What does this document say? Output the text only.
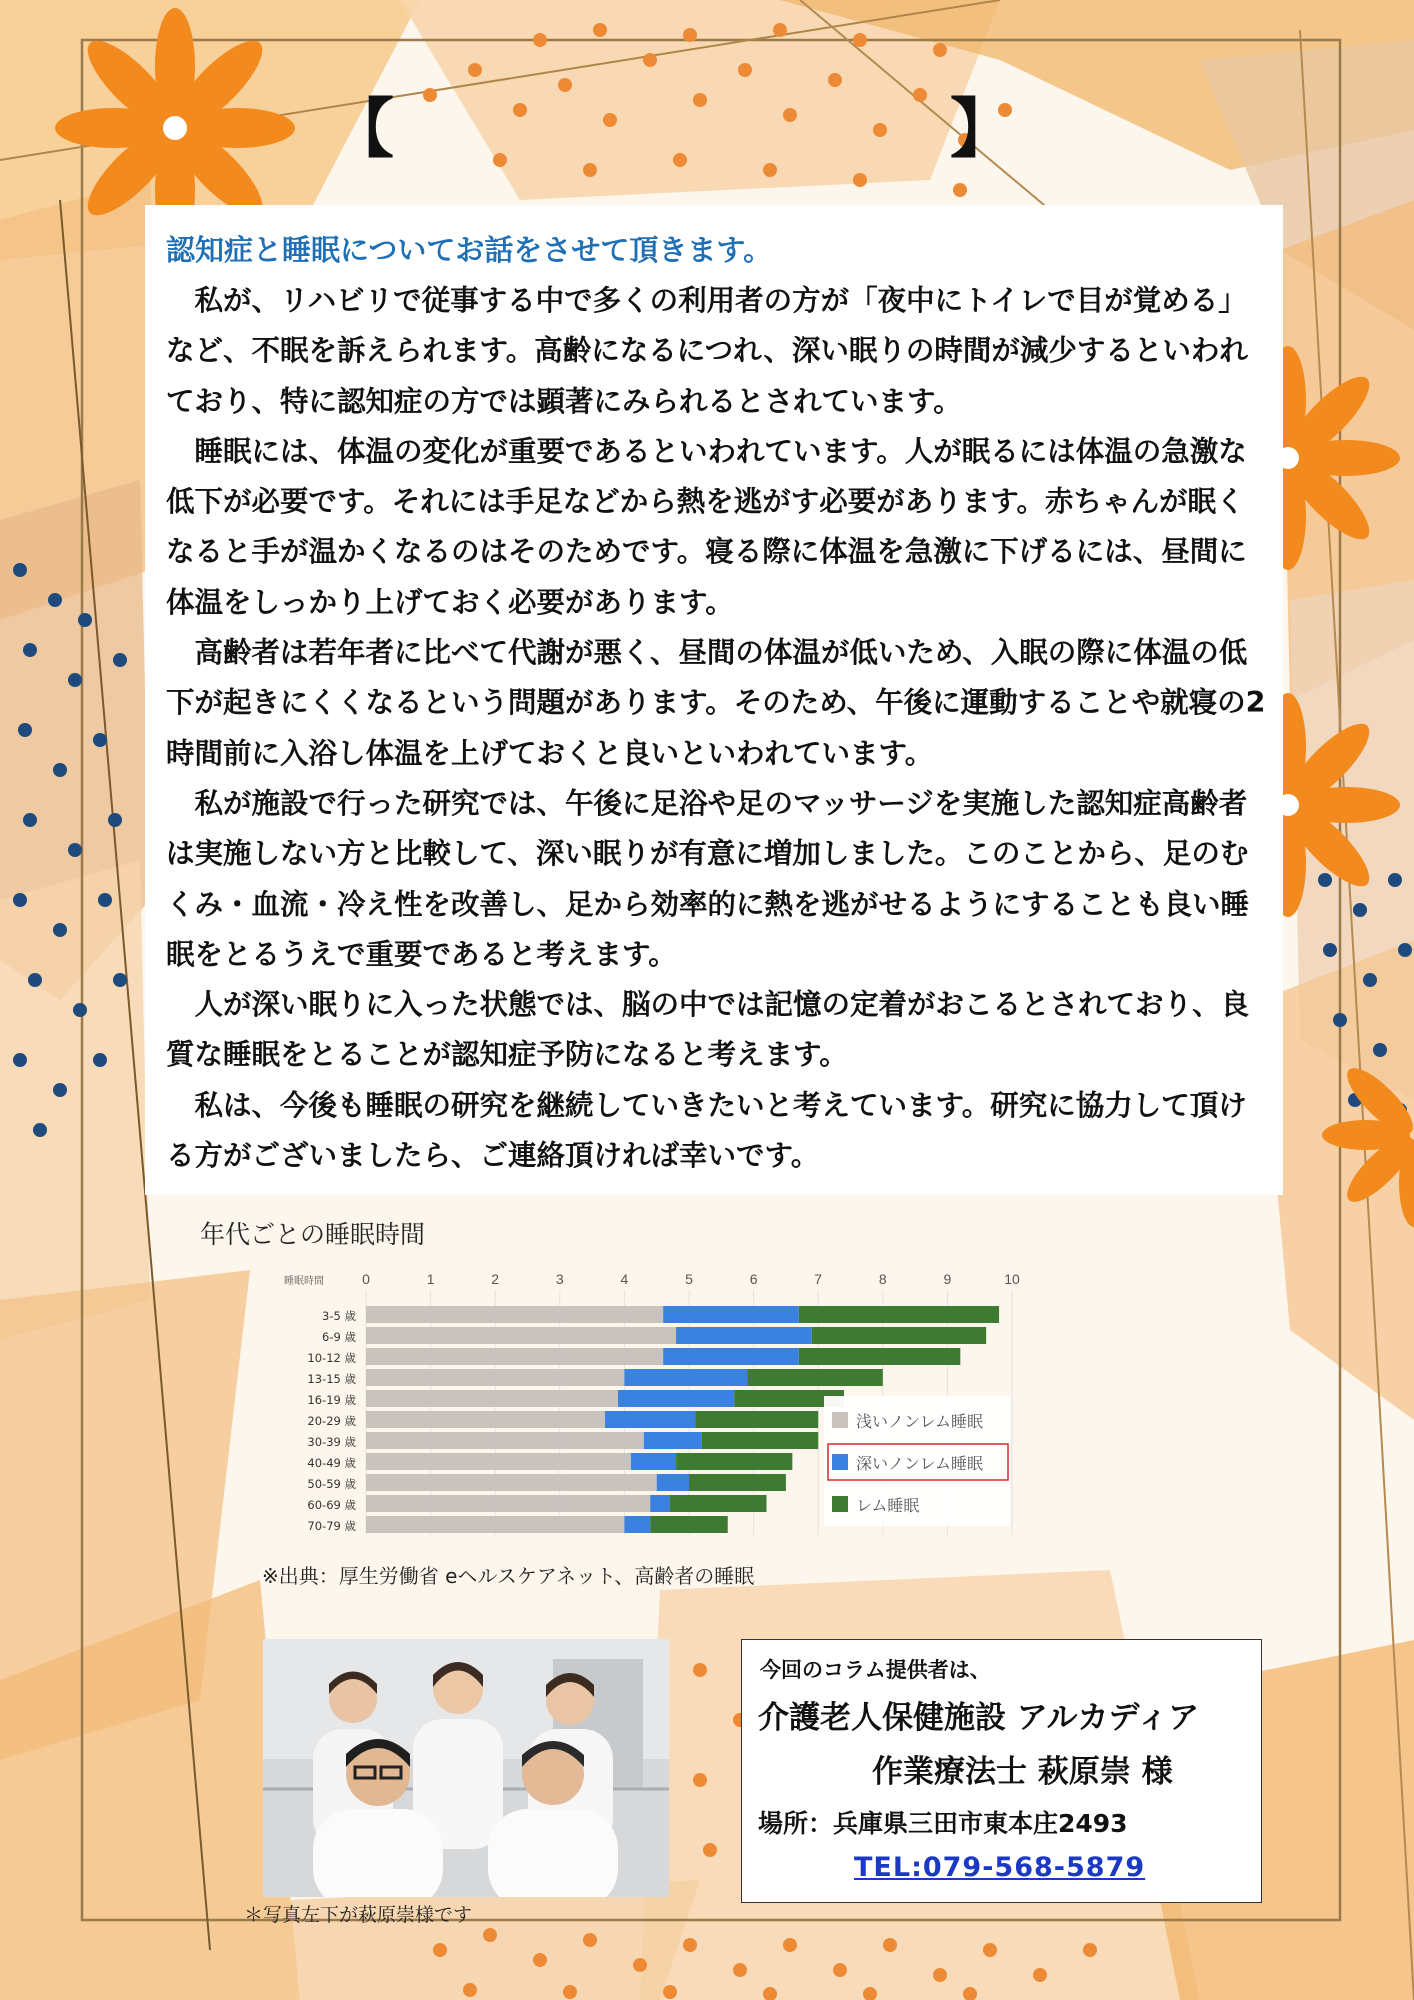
【	】
認知症と睡眠についてお話をさせて頂きます。

私が、リハビリで従事する中で多くの利用者の方が「夜中にトイレで目が覚める」など、不眠を訴えられます。高齢になるにつれ、深い眠りの時間が減少するといわれており、特に認知症の方では顕著にみられるとされています。

睡眠には、体温の変化が重要であるといわれています。人が眠るには体温の急激な低下が必要です。それには手足などから熱を逃がす必要があります。赤ちゃんが眠くなると手が温かくなるのはそのためです。寝る際に体温を急激に下げるには、昼間に体温をしっかり上げておく必要があります。

高齢者は若年者に比べて代謝が悪く、昼間の体温が低いため、入眠の際に体温の低下が起きにくくなるという問題があります。そのため、午後に運動することや就寝の2時間前に入浴し体温を上げておくと良いといわれています。

私が施設で行った研究では、午後に足浴や足のマッサージを実施した認知症高齢者は実施しない方と比較して、深い眠りが有意に増加しました。このことから、足のむくみ・血流・冷え性を改善し、足から効率的に熱を逃がせるようにすることも良い睡眠をとるうえで重要であると考えます。

人が深い眠りに入った状態では、脳の中では記憶の定着がおこるとされており、良質な睡眠をとることが認知症予防になると考えます。

私は、今後も睡眠の研究を継続していきたいと考えています。研究に協力して頂ける方がございましたら、ご連絡頂ければ幸いです。

年代ごとの睡眠時間
0	1	2	3	4	5	6	7	8	9	10
睡眠時間
3-5 歳
6-9 歳
10-12 歳
13-15 歳
16-19 歳
20-29 歳
30-39 歳
40-49 歳
50-59 歳
60-69 歳
70-79 歳
浅いノンレム睡眠
深いノンレム睡眠
レム睡眠
※出典：厚生労働省 eヘルスケアネット、高齢者の睡眠
＊写真左下が萩原崇様です
今回のコラム提供者は、
介護老人保健施設 アルカディア
作業療法士 萩原崇 様
場所：兵庫県三田市東本庄2493
TEL:079-568-5879
